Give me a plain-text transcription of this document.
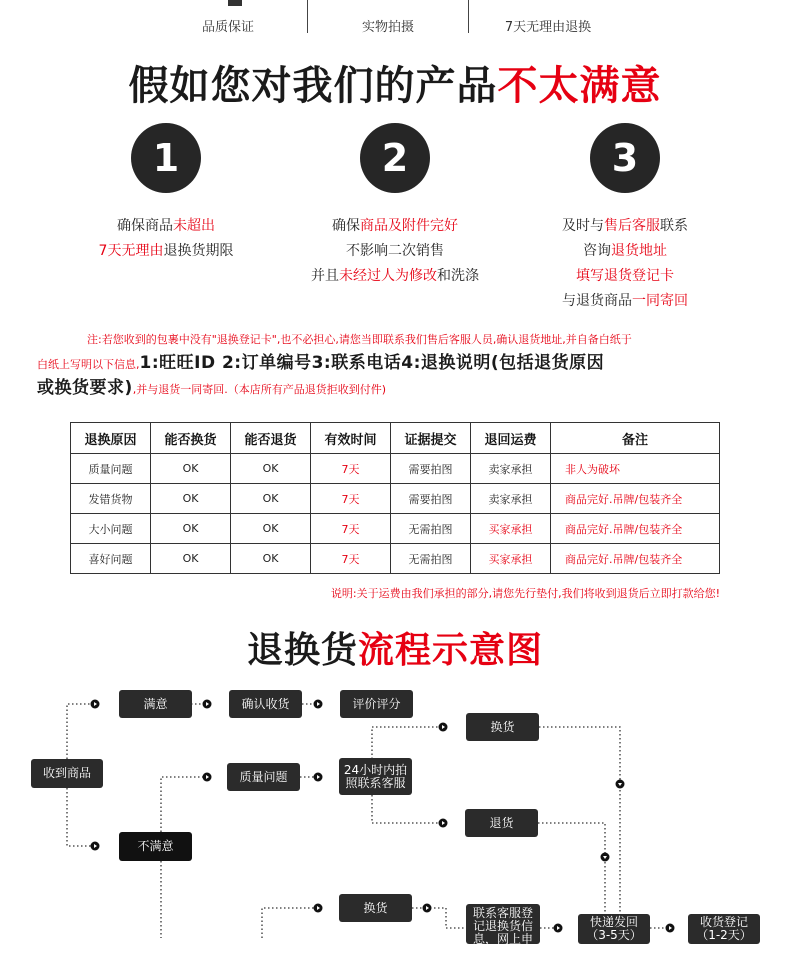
品质保证	实物拍摄	7天无理由退换
假如您对我们的产品不太满意
1	2	3
确保商品未超出
7天无理由退换货期限
确保商品及附件完好
不影响二次销售
并且未经过人为修改和洗涤
及时与售后客服联系
咨询退货地址
填写退货登记卡
与退货商品一同寄回
注:若您收到的包裹中没有"退换登记卡",也不必担心,请您当即联系我们售后客服人员,确认退货地址,并自备白纸于
白纸上写明以下信息,1:旺旺ID 2:订单编号3:联系电话4:退换说明(包括退货原因
或换货要求),并与退货一同寄回.（本店所有产品退货拒收到付件)
退换原因	能否换货	能否退货	有效时间	证据提交	退回运费	备注
质量问题	OK	OK	7天	需要拍图	卖家承担	非人为破坏
发错货物	OK	OK	7天	需要拍图	卖家承担	商品完好.吊牌/包装齐全
大小问题	OK	OK	7天	无需拍图	买家承担	商品完好.吊牌/包装齐全
喜好问题	OK	OK	7天	无需拍图	买家承担	商品完好.吊牌/包装齐全
说明:关于运费由我们承担的部分,请您先行垫付,我们将收到退货后立即打款给您!
退换货流程示意图
收到商品
满意	确认收货	评价评分
质量问题	24小时内拍照联系客服
换货
退货
不满意
换货	联系客服登记退换货信息，网上申请
快递发回（3-5天）
收货登记（1-2天）
